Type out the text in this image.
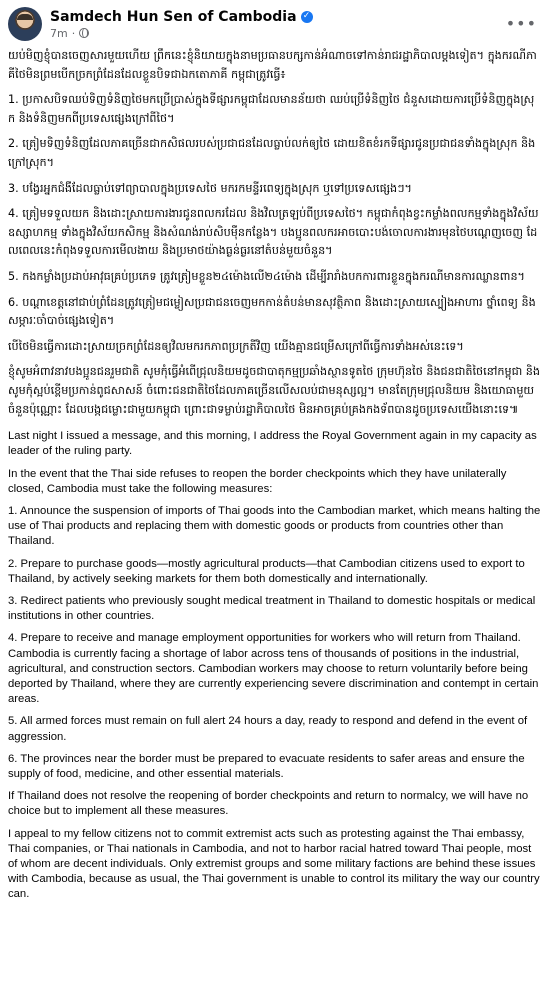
Samdech Hun Sen of Cambodia ✓
7m ·	•••

យប់មិញខ្ញុំបានចេញសារមួយហើយ ព្រឹកនេះខ្ញុំនិយាយក្នុងនាមប្រធានបក្សកាន់អំណាចទៅកាន់រាជរដ្ឋាភិបាលម្តងទៀត។ ក្នុងករណីភាគីថៃមិនព្រមបើកច្រកព្រំដែនដែលខ្លួនបិទជាឯកតោភាគី កម្ពុជាត្រូវធ្វើ៖

1. ប្រកាសបិទឈប់ទិញទំនិញថៃមកប្រើប្រាស់ក្នុងទីផ្សារកម្ពុជាដែលមានន័យថា ឈប់ប្រើទំនិញថៃ ជំនួសដោយការប្រើទំនិញក្នុងស្រុក និងទំនិញមកពីប្រទេសផ្សេងក្រៅពីថៃ។

2. ត្រៀមទិញទំនិញដែលភាគច្រើនជាកសិផលរបស់ប្រជាជនដែលធ្លាប់លក់ឲ្យថៃ ដោយខិតខំរកទីផ្សារជូនប្រជាជនទាំងក្នុងស្រុក និងក្រៅស្រុក។

3. បង្វែរអ្នកជំងឺដែលធ្លាប់ទៅព្យាបាលក្នុងប្រទេសថៃ មករកមន្ទីរពេទ្យក្នុងស្រុក ឬទៅប្រទេសផ្សេងៗ។

4. ត្រៀមទទួលយក និងដោះស្រាយការងារជូនពលករដែល និងវិលត្រឡប់ពីប្រទេសថៃ។ កម្ពុជាកំពុងខ្វះកម្លាំងពលកម្មទាំងក្នុងវិស័យឧស្សាហកម្ម ទាំងក្នុងវិស័យកសិកម្ម និងសំណង់រាប់សិបម៉ឺនកន្លែង។ បងប្អូនពលករអាចបោះបង់ចោលការងារមុនថៃបណ្តេញចេញ ដែលពេលនេះកំពុងទទួលការមើលងាយ និងប្រមាថយ៉ាងធ្ងន់ធ្ងរនៅតំបន់មួយចំនួន។

5. កងកម្លាំងប្រដាប់អាវុធគ្រប់ប្រភេទ ត្រូវត្រៀមខ្លួន២៤ម៉ោងលើ២៤ម៉ោង ដើម្បីរារាំងបកការពារខ្លួនក្នុងករណីមានការឈ្លានពាន។

6. បណ្តាខេត្តនៅជាប់ព្រំដែនត្រូវត្រៀមជម្លៀសប្រជាជនចេញមកកាន់តំបន់មានសុវត្ថិភាព និងដោះស្រាយស្បៀងអាហារ ថ្នាំពេទ្យ និងសម្ភារៈចាំបាច់ផ្សេងទៀត។

បើថៃមិនធ្វើការដោះស្រាយច្រកព្រំដែនឲ្យវិលមករកភាពប្រក្រតីវិញ យើងគ្មានជម្រើសក្រៅពីធ្វើការទាំងអស់នេះទេ។

ខ្ញុំសូមអំពាវនាវបងប្អូនជនរួមជាតិ សូមកុំធ្វើអំពើជ្រុលនិយមដូចជាបាតុកម្មប្រឆាំងស្ថានទូតថៃ ក្រុមហ៊ុនថៃ និងជនជាតិថៃនៅកម្ពុជា និងសូមកុំស្អប់ខ្ពើមប្រកាន់ពូជសាសន៍ ចំពោះជនជាតិថៃដែលភាគច្រើនលើសលប់ជាមនុស្សល្អ។ មានតែក្រុមជ្រុលនិយម និងយោធាមួយចំនួនប៉ុណ្ណោះ ដែលបង្កជម្លោះជាមួយកម្ពុជា ព្រោះជាទម្លាប់រដ្ឋាភិបាលថៃ មិនអាចគ្រប់គ្រងកងទ័ពបានដូចប្រទេសយើងនោះទេ៕

Last night I issued a message, and this morning, I address the Royal Government again in my capacity as leader of the ruling party.

In the event that the Thai side refuses to reopen the border checkpoints which they have unilaterally closed, Cambodia must take the following measures:

1. Announce the suspension of imports of Thai goods into the Cambodian market, which means halting the use of Thai products and replacing them with domestic goods or products from countries other than Thailand.

2. Prepare to purchase goods—mostly agricultural products—that Cambodian citizens used to export to Thailand, by actively seeking markets for them both domestically and internationally.

3. Redirect patients who previously sought medical treatment in Thailand to domestic hospitals or medical institutions in other countries.

4. Prepare to receive and manage employment opportunities for workers who will return from Thailand. Cambodia is currently facing a shortage of labor across tens of thousands of positions in the industrial, agricultural, and construction sectors. Cambodian workers may choose to return voluntarily before being deported by Thailand, where they are currently experiencing severe discrimination and contempt in certain areas.

5. All armed forces must remain on full alert 24 hours a day, ready to respond and defend in the event of aggression.

6. The provinces near the border must be prepared to evacuate residents to safer areas and ensure the supply of food, medicine, and other essential materials.

If Thailand does not resolve the reopening of border checkpoints and return to normalcy, we will have no choice but to implement all these measures.

I appeal to my fellow citizens not to commit extremist acts such as protesting against the Thai embassy, Thai companies, or Thai nationals in Cambodia, and not to harbor racial hatred toward Thai people, most of whom are decent individuals. Only extremist groups and some military factions are behind these issues with Cambodia, because as usual, the Thai government is unable to control its military the way our country can.
